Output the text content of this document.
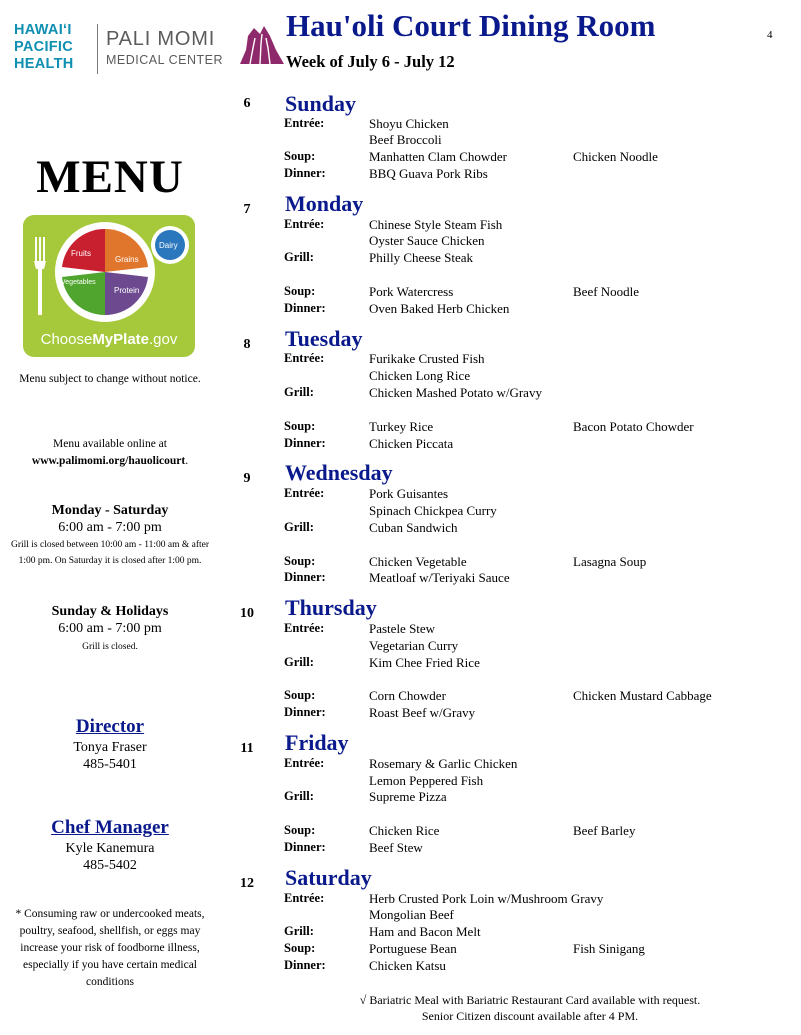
HAWAIʻI
PACIFIC
HEALTH
PALI MOMI
MEDICAL CENTER
Hau'oli Court Dining Room
Week of July 6 - July 12
4
MENU
Fruits
Grains
Vegetables
Protein
Dairy
ChooseMyPlate.gov
Menu subject to change without notice.
Menu available online at
www.palimomi.org/hauolicourt.
Monday - Saturday
6:00 am - 7:00 pm
Grill is closed between 10:00 am - 11:00 am & after 1:00 pm. On Saturday it is closed after 1:00 pm.
Sunday & Holidays
6:00 am - 7:00 pm
Grill is closed.
Director
Tonya Fraser
485-5401
Chef Manager
Kyle Kanemura
485-5402
* Consuming raw or undercooked meats, poultry, seafood, shellfish, or eggs may increase your risk of foodborne illness, especially if you have certain medical conditions
6	Sunday
Entrée:	Shoyu Chicken
Beef Broccoli
Soup:	Manhatten Clam Chowder	Chicken Noodle
Dinner:	BBQ Guava Pork Ribs
7	Monday
Entrée:	Chinese Style Steam Fish
Oyster Sauce Chicken
Grill:	Philly Cheese Steak
Soup:	Pork Watercress	Beef Noodle
Dinner:	Oven Baked Herb Chicken
8	Tuesday
Entrée:	Furikake Crusted Fish
Chicken Long Rice
Grill:	Chicken Mashed Potato w/Gravy
Soup:	Turkey Rice	Bacon Potato Chowder
Dinner:	Chicken Piccata
9	Wednesday
Entrée:	Pork Guisantes
Spinach Chickpea Curry
Grill:	Cuban Sandwich
Soup:	Chicken Vegetable	Lasagna Soup
Dinner:	Meatloaf w/Teriyaki Sauce
10	Thursday
Entrée:	Pastele Stew
Vegetarian Curry
Grill:	Kim Chee Fried Rice
Soup:	Corn Chowder	Chicken Mustard Cabbage
Dinner:	Roast Beef w/Gravy
11	Friday
Entrée:	Rosemary & Garlic Chicken
Lemon Peppered Fish
Grill:	Supreme Pizza
Soup:	Chicken Rice	Beef Barley
Dinner:	Beef Stew
12	Saturday
Entrée:	Herb Crusted Pork Loin w/Mushroom Gravy
Mongolian Beef
Grill:	Ham and Bacon Melt
Soup:	Portuguese Bean	Fish Sinigang
Dinner:	Chicken Katsu
√ Bariatric Meal with Bariatric Restaurant Card available with request.
Senior Citizen discount available after 4 PM.
